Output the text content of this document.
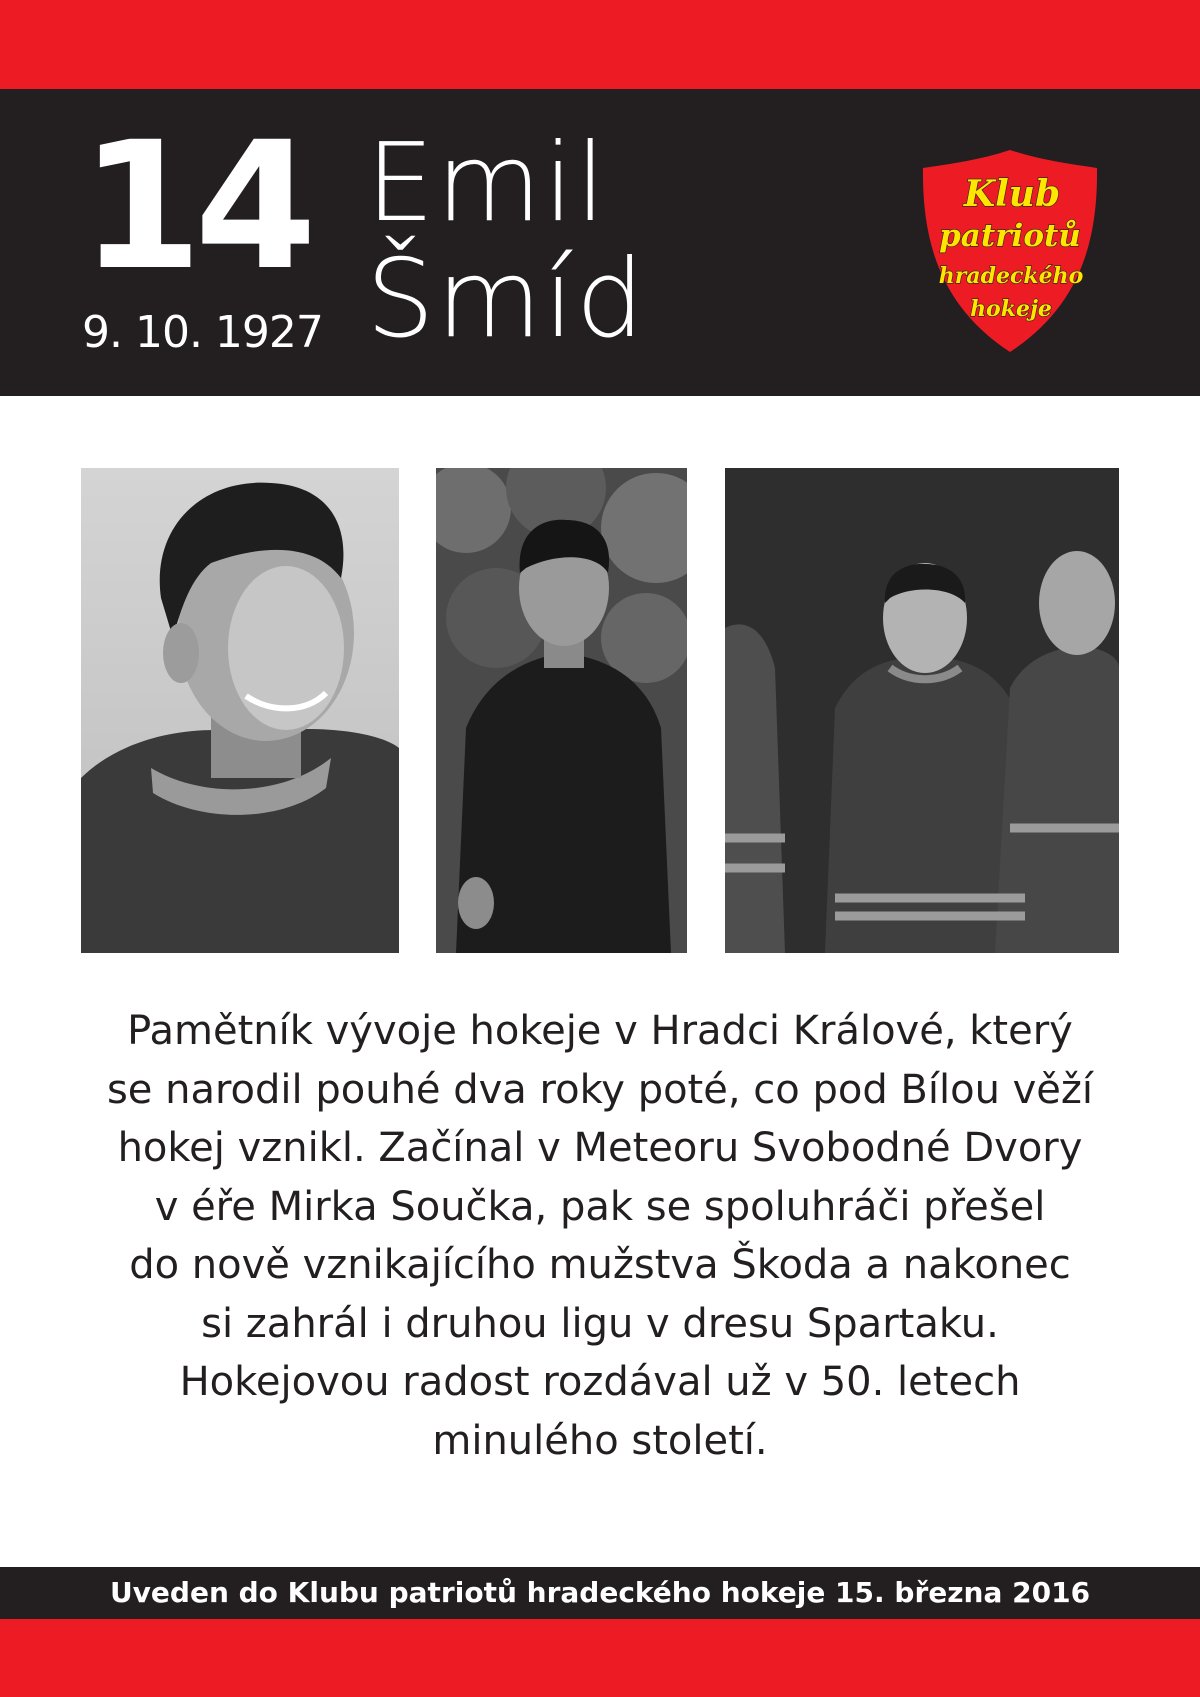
14
9. 10. 1927
Emil
Šmíd
Klub
patriotů
hradeckého
hokeje
Pamětník vývoje hokeje v Hradci Králové, který
se narodil pouhé dva roky poté, co pod Bílou věží
hokej vznikl. Začínal v Meteoru Svobodné Dvory
v éře Mirka Součka, pak se spoluhráči přešel
do nově vznikajícího mužstva Škoda a nakonec
si zahrál i druhou ligu v dresu Spartaku.
Hokejovou radost rozdával už v 50. letech
minulého století.
Uveden do Klubu patriotů hradeckého hokeje 15. března 2016
